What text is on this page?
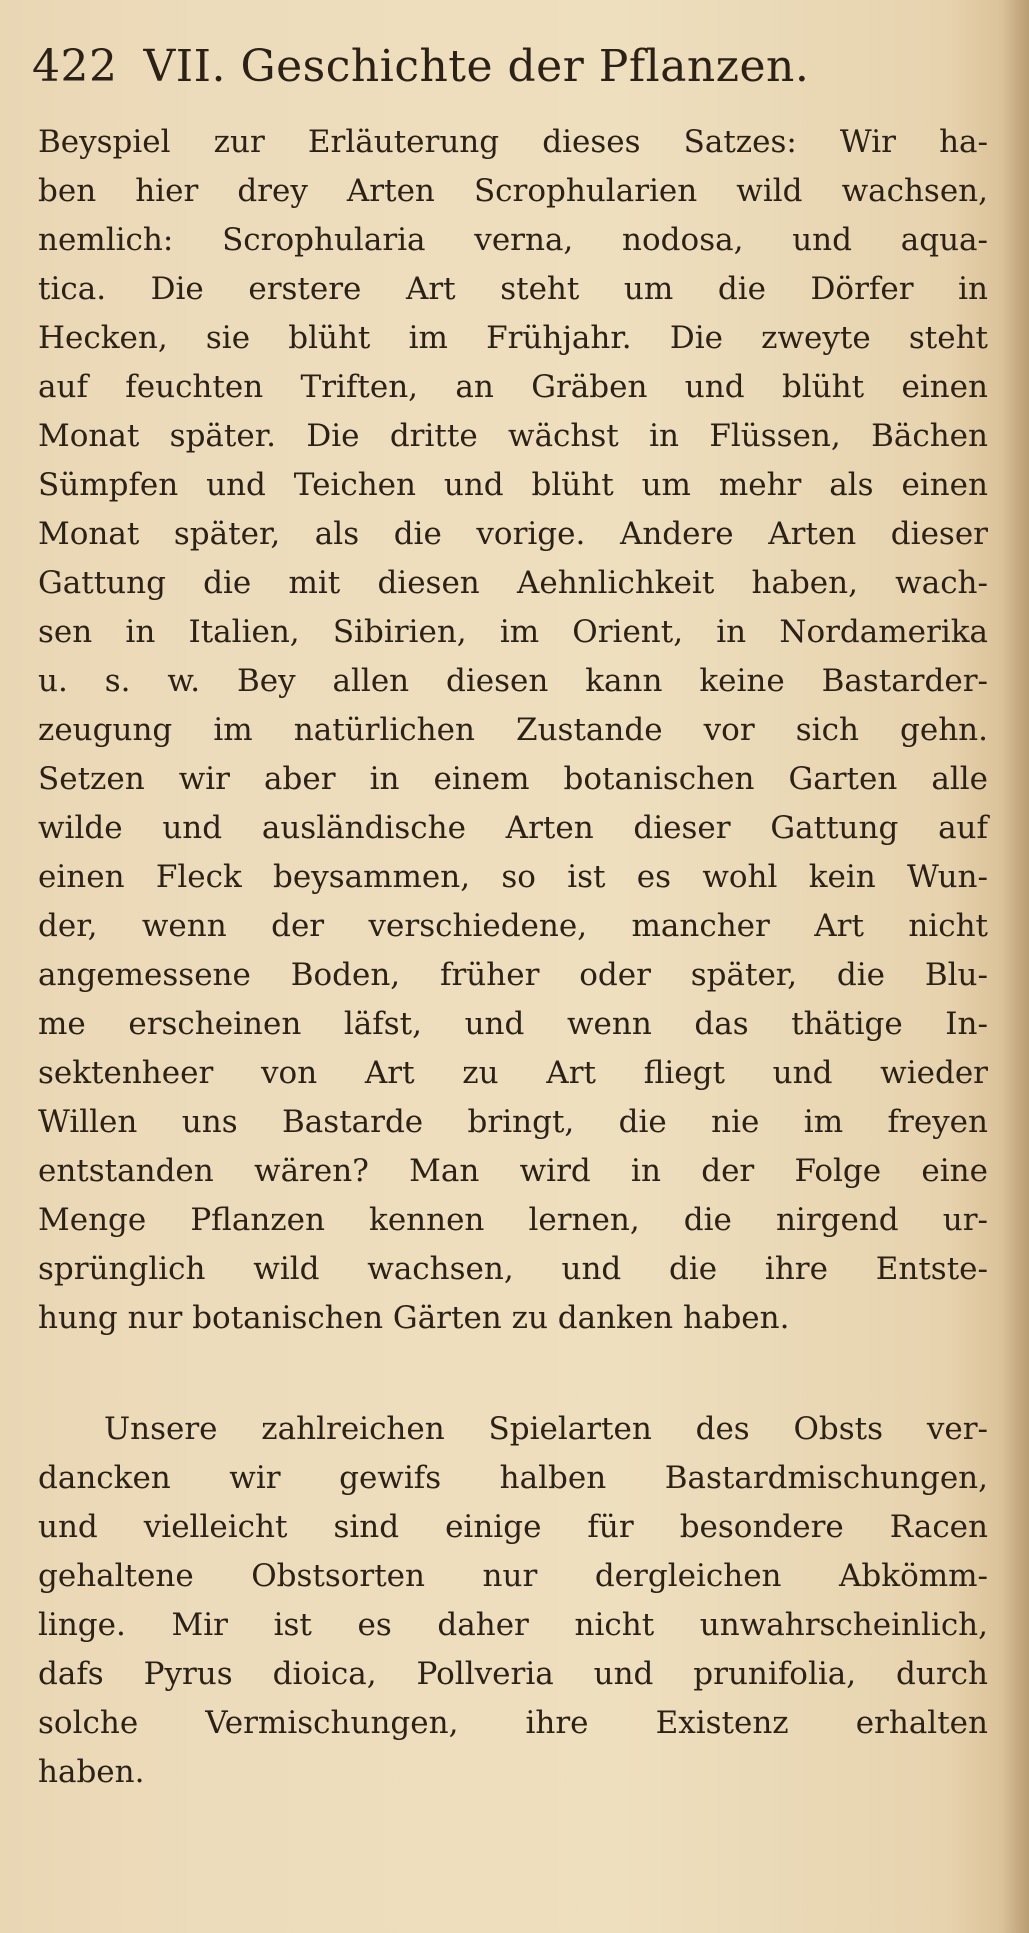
422 VII. Geschichte der Pflanzen.
Beyspiel zur Erläuterung dieses Satzes: Wir ha-
ben hier drey Arten Scrophularien wild wachsen,
nemlich: Scrophularia verna, nodosa, und aqua-
tica. Die erstere Art steht um die Dörfer in
Hecken, sie blüht im Frühjahr. Die zweyte steht
auf feuchten Triften, an Gräben und blüht einen
Monat später. Die dritte wächst in Flüssen, Bächen
Sümpfen und Teichen und blüht um mehr als einen
Monat später, als die vorige. Andere Arten dieser
Gattung die mit diesen Aehnlichkeit haben, wach-
sen in Italien, Sibirien, im Orient, in Nordamerika
u. s. w. Bey allen diesen kann keine Bastarder-
zeugung im natürlichen Zustande vor sich gehn.
Setzen wir aber in einem botanischen Garten alle
wilde und ausländische Arten dieser Gattung auf
einen Fleck beysammen, so ist es wohl kein Wun-
der, wenn der verschiedene, mancher Art nicht
angemessene Boden, früher oder später, die Blu-
me erscheinen läfst, und wenn das thätige In-
sektenheer von Art zu Art fliegt und wieder
Willen uns Bastarde bringt, die nie im freyen
entstanden wären? Man wird in der Folge eine
Menge Pflanzen kennen lernen, die nirgend ur-
sprünglich wild wachsen, und die ihre Entste-
hung nur botanischen Gärten zu danken haben.
Unsere zahlreichen Spielarten des Obsts ver-
dancken wir gewifs halben Bastardmischungen,
und vielleicht sind einige für besondere Racen
gehaltene Obstsorten nur dergleichen Abkömm-
linge. Mir ist es daher nicht unwahrscheinlich,
dafs Pyrus dioica, Pollveria und prunifolia, durch
solche Vermischungen, ihre Existenz erhalten
haben.
